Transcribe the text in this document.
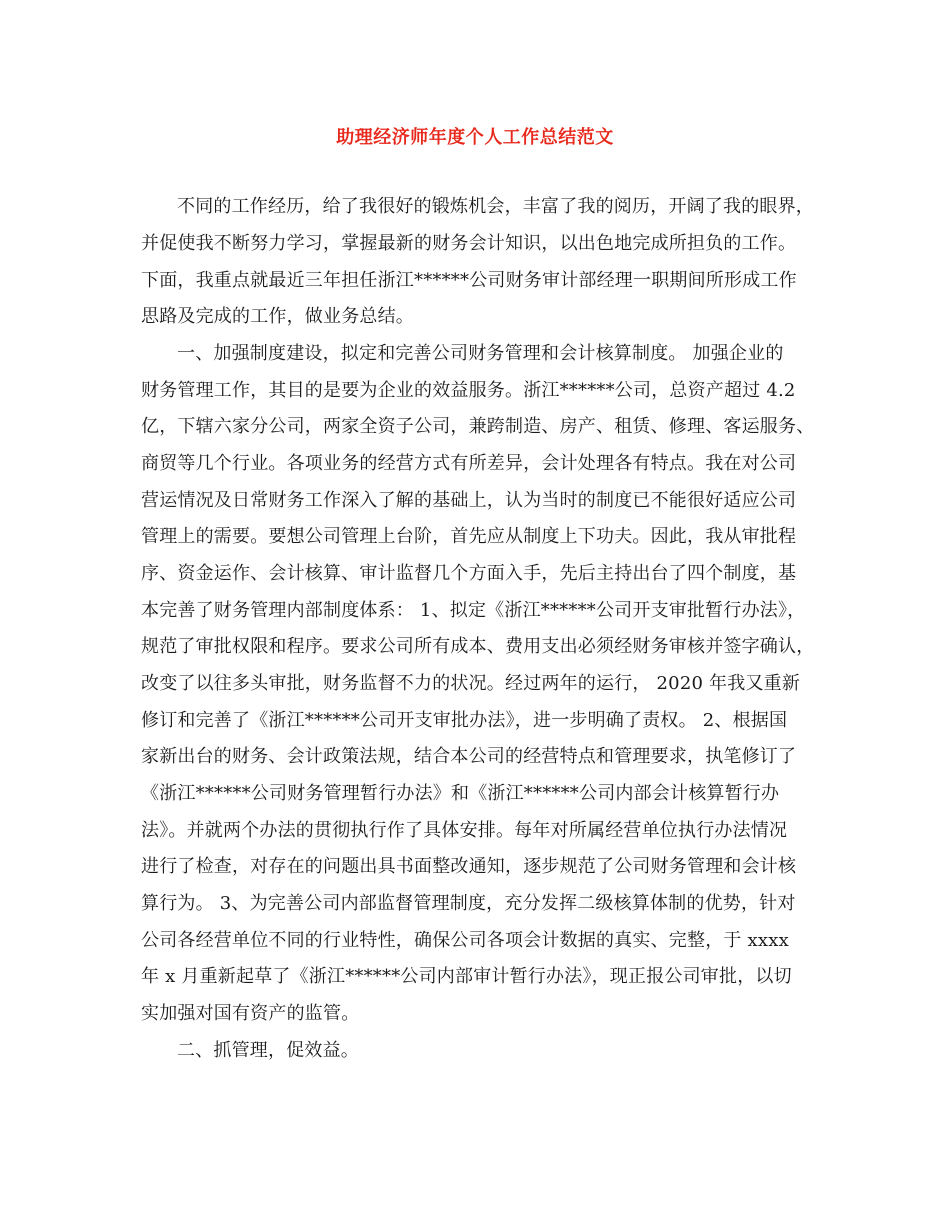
助理经济师年度个人工作总结范文
不同的工作经历，给了我很好的锻炼机会，丰富了我的阅历，开阔了我的眼界，
并促使我不断努力学习，掌握最新的财务会计知识，以出色地完成所担负的工作。
下面，我重点就最近三年担任浙江******公司财务审计部经理一职期间所形成工作
思路及完成的工作，做业务总结。
一、加强制度建设，拟定和完善公司财务管理和会计核算制度。 加强企业的
财务管理工作，其目的是要为企业的效益服务。浙江******公司，总资产超过 4.2
亿，下辖六家分公司，两家全资子公司，兼跨制造、房产、租赁、修理、客运服务、
商贸等几个行业。各项业务的经营方式有所差异，会计处理各有特点。我在对公司
营运情况及日常财务工作深入了解的基础上，认为当时的制度已不能很好适应公司
管理上的需要。要想公司管理上台阶，首先应从制度上下功夫。因此，我从审批程
序、资金运作、会计核算、审计监督几个方面入手，先后主持出台了四个制度，基
本完善了财务管理内部制度体系： 1、拟定《浙江******公司开支审批暂行办法》，
规范了审批权限和程序。要求公司所有成本、费用支出必须经财务审核并签字确认，
改变了以往多头审批，财务监督不力的状况。经过两年的运行， 2020 年我又重新
修订和完善了《浙江******公司开支审批办法》，进一步明确了责权。 2、根据国
家新出台的财务、会计政策法规，结合本公司的经营特点和管理要求，执笔修订了
《浙江******公司财务管理暂行办法》和《浙江******公司内部会计核算暂行办
法》。并就两个办法的贯彻执行作了具体安排。每年对所属经营单位执行办法情况
进行了检查，对存在的问题出具书面整改通知，逐步规范了公司财务管理和会计核
算行为。 3、为完善公司内部监督管理制度，充分发挥二级核算体制的优势，针对
公司各经营单位不同的行业特性，确保公司各项会计数据的真实、完整，于 xxxx
年 x 月重新起草了《浙江******公司内部审计暂行办法》，现正报公司审批，以切
实加强对国有资产的监管。
二、抓管理，促效益。
